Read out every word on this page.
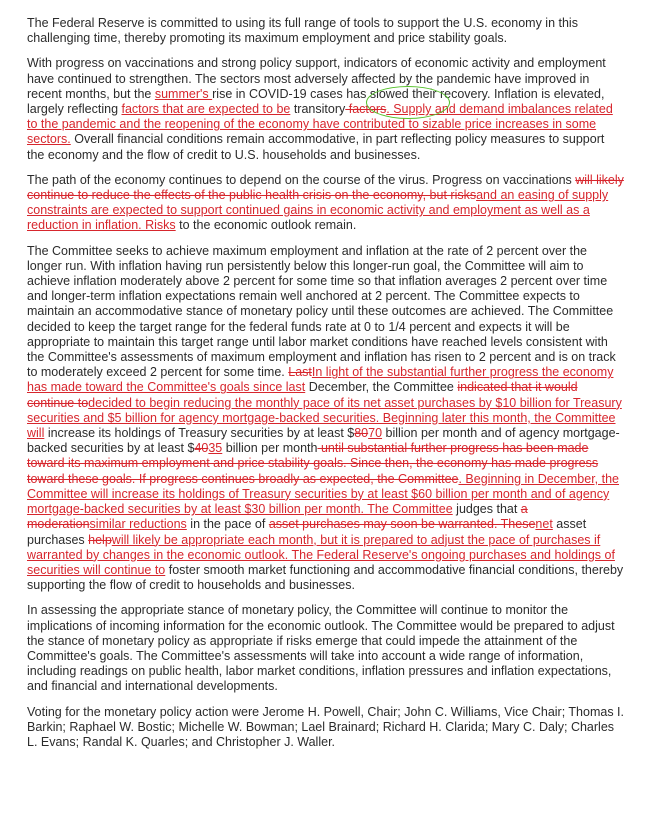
The Federal Reserve is committed to using its full range of tools to support the U.S. economy in this challenging time, thereby promoting its maximum employment and price stability goals.

With progress on vaccinations and strong policy support, indicators of economic activity and employment have continued to strengthen. The sectors most adversely affected by the pandemic have improved in recent months, but the summer's rise in COVID-19 cases has slowed their recovery. Inflation is elevated, largely reflecting factors that are expected to be transitory factors. Supply and demand imbalances related to the pandemic and the reopening of the economy have contributed to sizable price increases in some sectors. Overall financial conditions remain accommodative, in part reflecting policy measures to support the economy and the flow of credit to U.S. households and businesses.

The path of the economy continues to depend on the course of the virus. Progress on vaccinations will likely continue to reduce the effects of the public health crisis on the economy, but risksand an easing of supply constraints are expected to support continued gains in economic activity and employment as well as a reduction in inflation. Risks to the economic outlook remain.

The Committee seeks to achieve maximum employment and inflation at the rate of 2 percent over the longer run. With inflation having run persistently below this longer-run goal, the Committee will aim to achieve inflation moderately above 2 percent for some time so that inflation averages 2 percent over time and longer-term inflation expectations remain well anchored at 2 percent. The Committee expects to maintain an accommodative stance of monetary policy until these outcomes are achieved. The Committee decided to keep the target range for the federal funds rate at 0 to 1/4 percent and expects it will be appropriate to maintain this target range until labor market conditions have reached levels consistent with the Committee's assessments of maximum employment and inflation has risen to 2 percent and is on track to moderately exceed 2 percent for some time. LastIn light of the substantial further progress the economy has made toward the Committee's goals since last December, the Committee indicated that it would continue todecided to begin reducing the monthly pace of its net asset purchases by $10 billion for Treasury securities and $5 billion for agency mortgage-backed securities. Beginning later this month, the Committee will increase its holdings of Treasury securities by at least $8070 billion per month and of agency mortgage-backed securities by at least $4035 billion per month until substantial further progress has been made toward its maximum employment and price stability goals. Since then, the economy has made progress toward these goals. If progress continues broadly as expected, the Committee. Beginning in December, the Committee will increase its holdings of Treasury securities by at least $60 billion per month and of agency mortgage-backed securities by at least $30 billion per month. The Committee judges that a moderationsimilar reductions in the pace of asset purchases may soon be warranted. Thesenet asset purchases helpwill likely be appropriate each month, but it is prepared to adjust the pace of purchases if warranted by changes in the economic outlook. The Federal Reserve's ongoing purchases and holdings of securities will continue to foster smooth market functioning and accommodative financial conditions, thereby supporting the flow of credit to households and businesses.

In assessing the appropriate stance of monetary policy, the Committee will continue to monitor the implications of incoming information for the economic outlook. The Committee would be prepared to adjust the stance of monetary policy as appropriate if risks emerge that could impede the attainment of the Committee's goals. The Committee's assessments will take into account a wide range of information, including readings on public health, labor market conditions, inflation pressures and inflation expectations, and financial and international developments.

Voting for the monetary policy action were Jerome H. Powell, Chair; John C. Williams, Vice Chair; Thomas I. Barkin; Raphael W. Bostic; Michelle W. Bowman; Lael Brainard; Richard H. Clarida; Mary C. Daly; Charles L. Evans; Randal K. Quarles; and Christopher J. Waller.
